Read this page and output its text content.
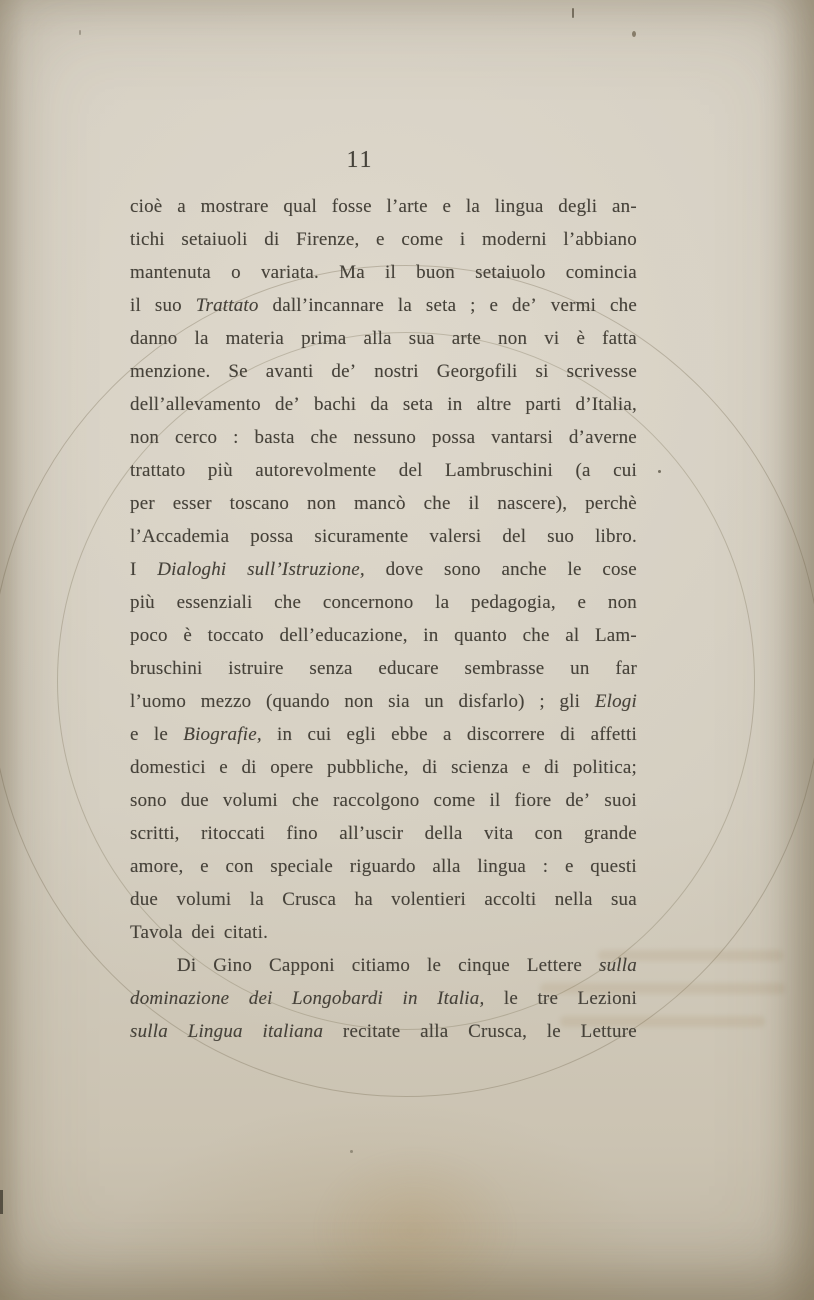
11
cioè a mostrare qual fosse l’arte e la lingua degli an-
tichi setaiuoli di Firenze, e come i moderni l’abbiano
mantenuta o variata. Ma il buon setaiuolo comincia
il suo Trattato dall’incannare la seta ; e de’ vermi che
danno la materia prima alla sua arte non vi è fatta
menzione. Se avanti de’ nostri Georgofili si scrivesse
dell’allevamento de’ bachi da seta in altre parti d’Italia,
non cerco : basta che nessuno possa vantarsi d’averne
trattato più autorevolmente del Lambruschini (a cui
per esser toscano non mancò che il nascere), perchè
l’Accademia possa sicuramente valersi del suo libro.
I Dialoghi sull’Istruzione, dove sono anche le cose
più essenziali che concernono la pedagogia, e non
poco è toccato dell’educazione, in quanto che al Lam-
bruschini istruire senza educare sembrasse un far
l’uomo mezzo (quando non sia un disfarlo) ; gli Elogi
e le Biografie, in cui egli ebbe a discorrere di affetti
domestici e di opere pubbliche, di scienza e di politica;
sono due volumi che raccolgono come il fiore de’ suoi
scritti, ritoccati fino all’uscir della vita con grande
amore, e con speciale riguardo alla lingua : e questi
due volumi la Crusca ha volentieri accolti nella sua
Tavola dei citati.
Di Gino Capponi citiamo le cinque Lettere sulla
dominazione dei Longobardi in Italia, le tre Lezioni
sulla Lingua italiana recitate alla Crusca, le Letture
